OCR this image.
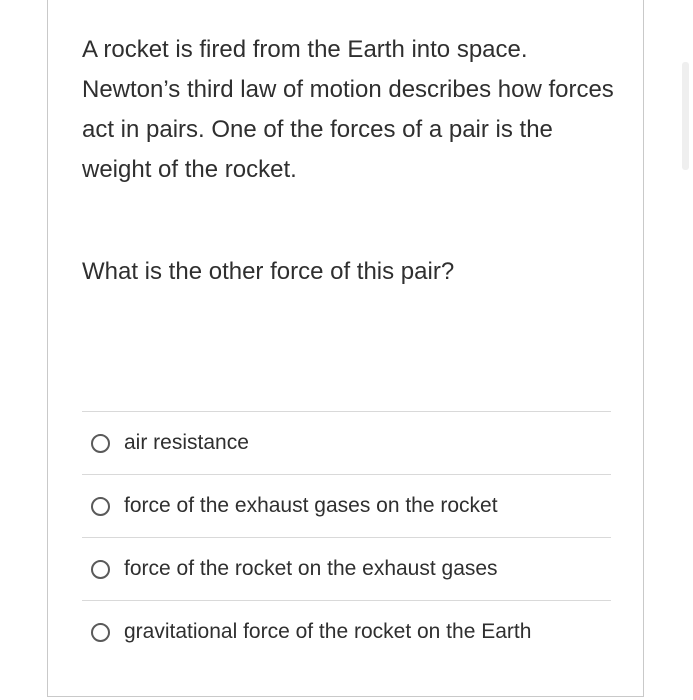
A rocket is fired from the Earth into space. Newton’s third law of motion describes how forces act in pairs. One of the forces of a pair is the weight of the rocket.
What is the other force of this pair?
air resistance
force of the exhaust gases on the rocket
force of the rocket on the exhaust gases
gravitational force of the rocket on the Earth
